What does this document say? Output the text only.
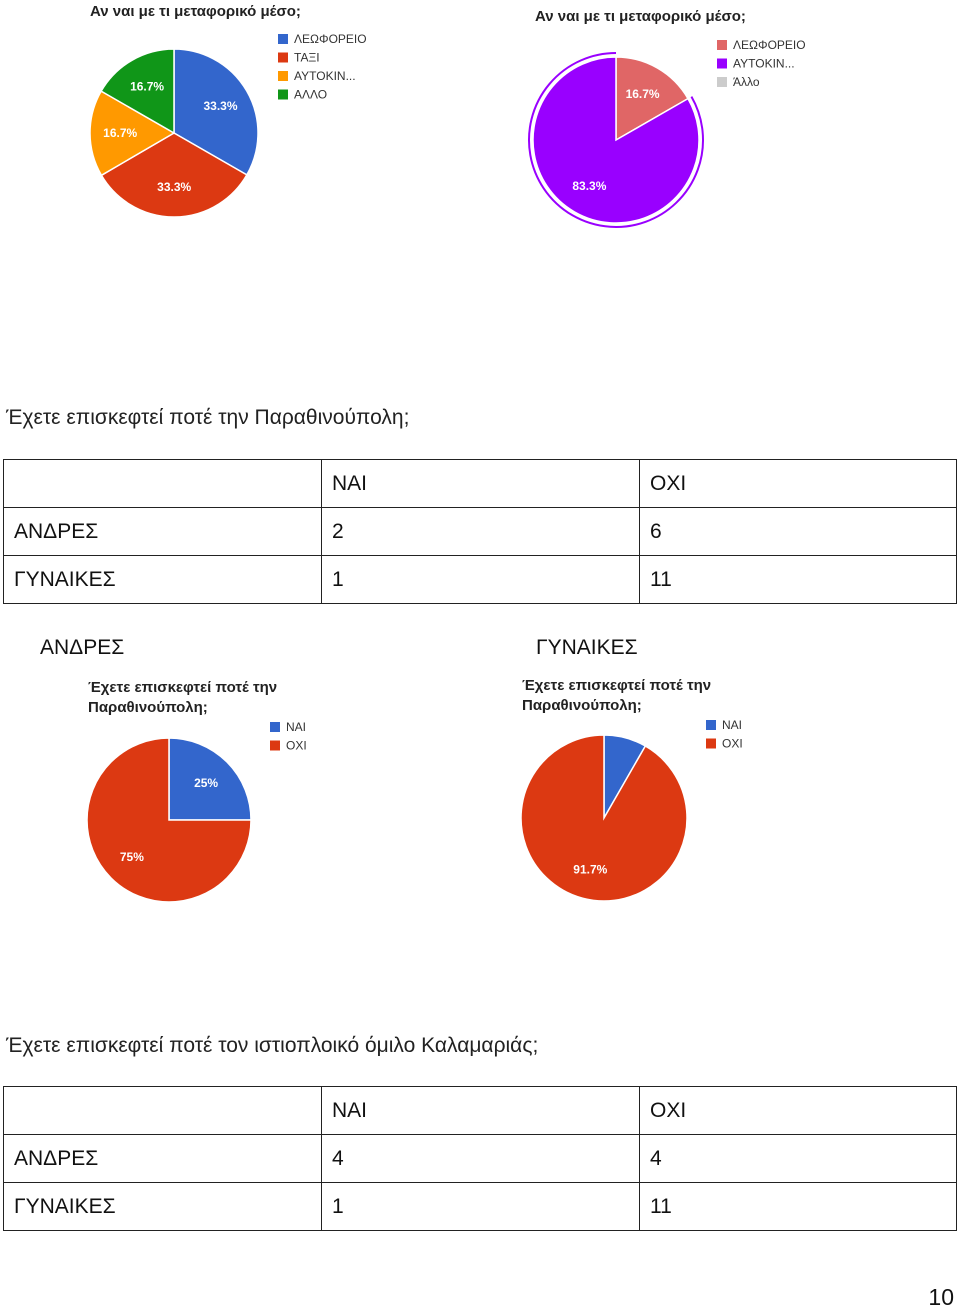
Αν ναι με τι μεταφορικό μέσο;
33.3%
33.3%
16.7%
16.7%
ΛΕΩΦΟΡΕΙΟ
ΤΑΞΙ
ΑΥΤΟΚΙΝ...
ΑΛΛΟ
Αν ναι με τι μεταφορικό μέσο;
16.7%
83.3%
ΛΕΩΦΟΡΕΙΟ
ΑΥΤΟΚΙΝ...
Άλλο
Έχετε επισκεφτεί ποτέ την Παραθινούπολη;
	ΝΑΙ	ΟΧΙ
ΑΝΔΡΕΣ	2	6
ΓΥΝΑΙΚΕΣ	1	11
ΑΝΔΡΕΣ	ΓΥΝΑΙΚΕΣ
Έχετε επισκεφτεί ποτέ την
Παραθινούπολη;
25%
75%
ΝΑΙ
ΟΧΙ
Έχετε επισκεφτεί ποτέ την
Παραθινούπολη;
91.7%
ΝΑΙ
ΟΧΙ
Έχετε επισκεφτεί ποτέ τον ιστιοπλοικό όμιλο Καλαμαριάς;
	ΝΑΙ	ΟΧΙ
ΑΝΔΡΕΣ	4	4
ΓΥΝΑΙΚΕΣ	1	11
10
